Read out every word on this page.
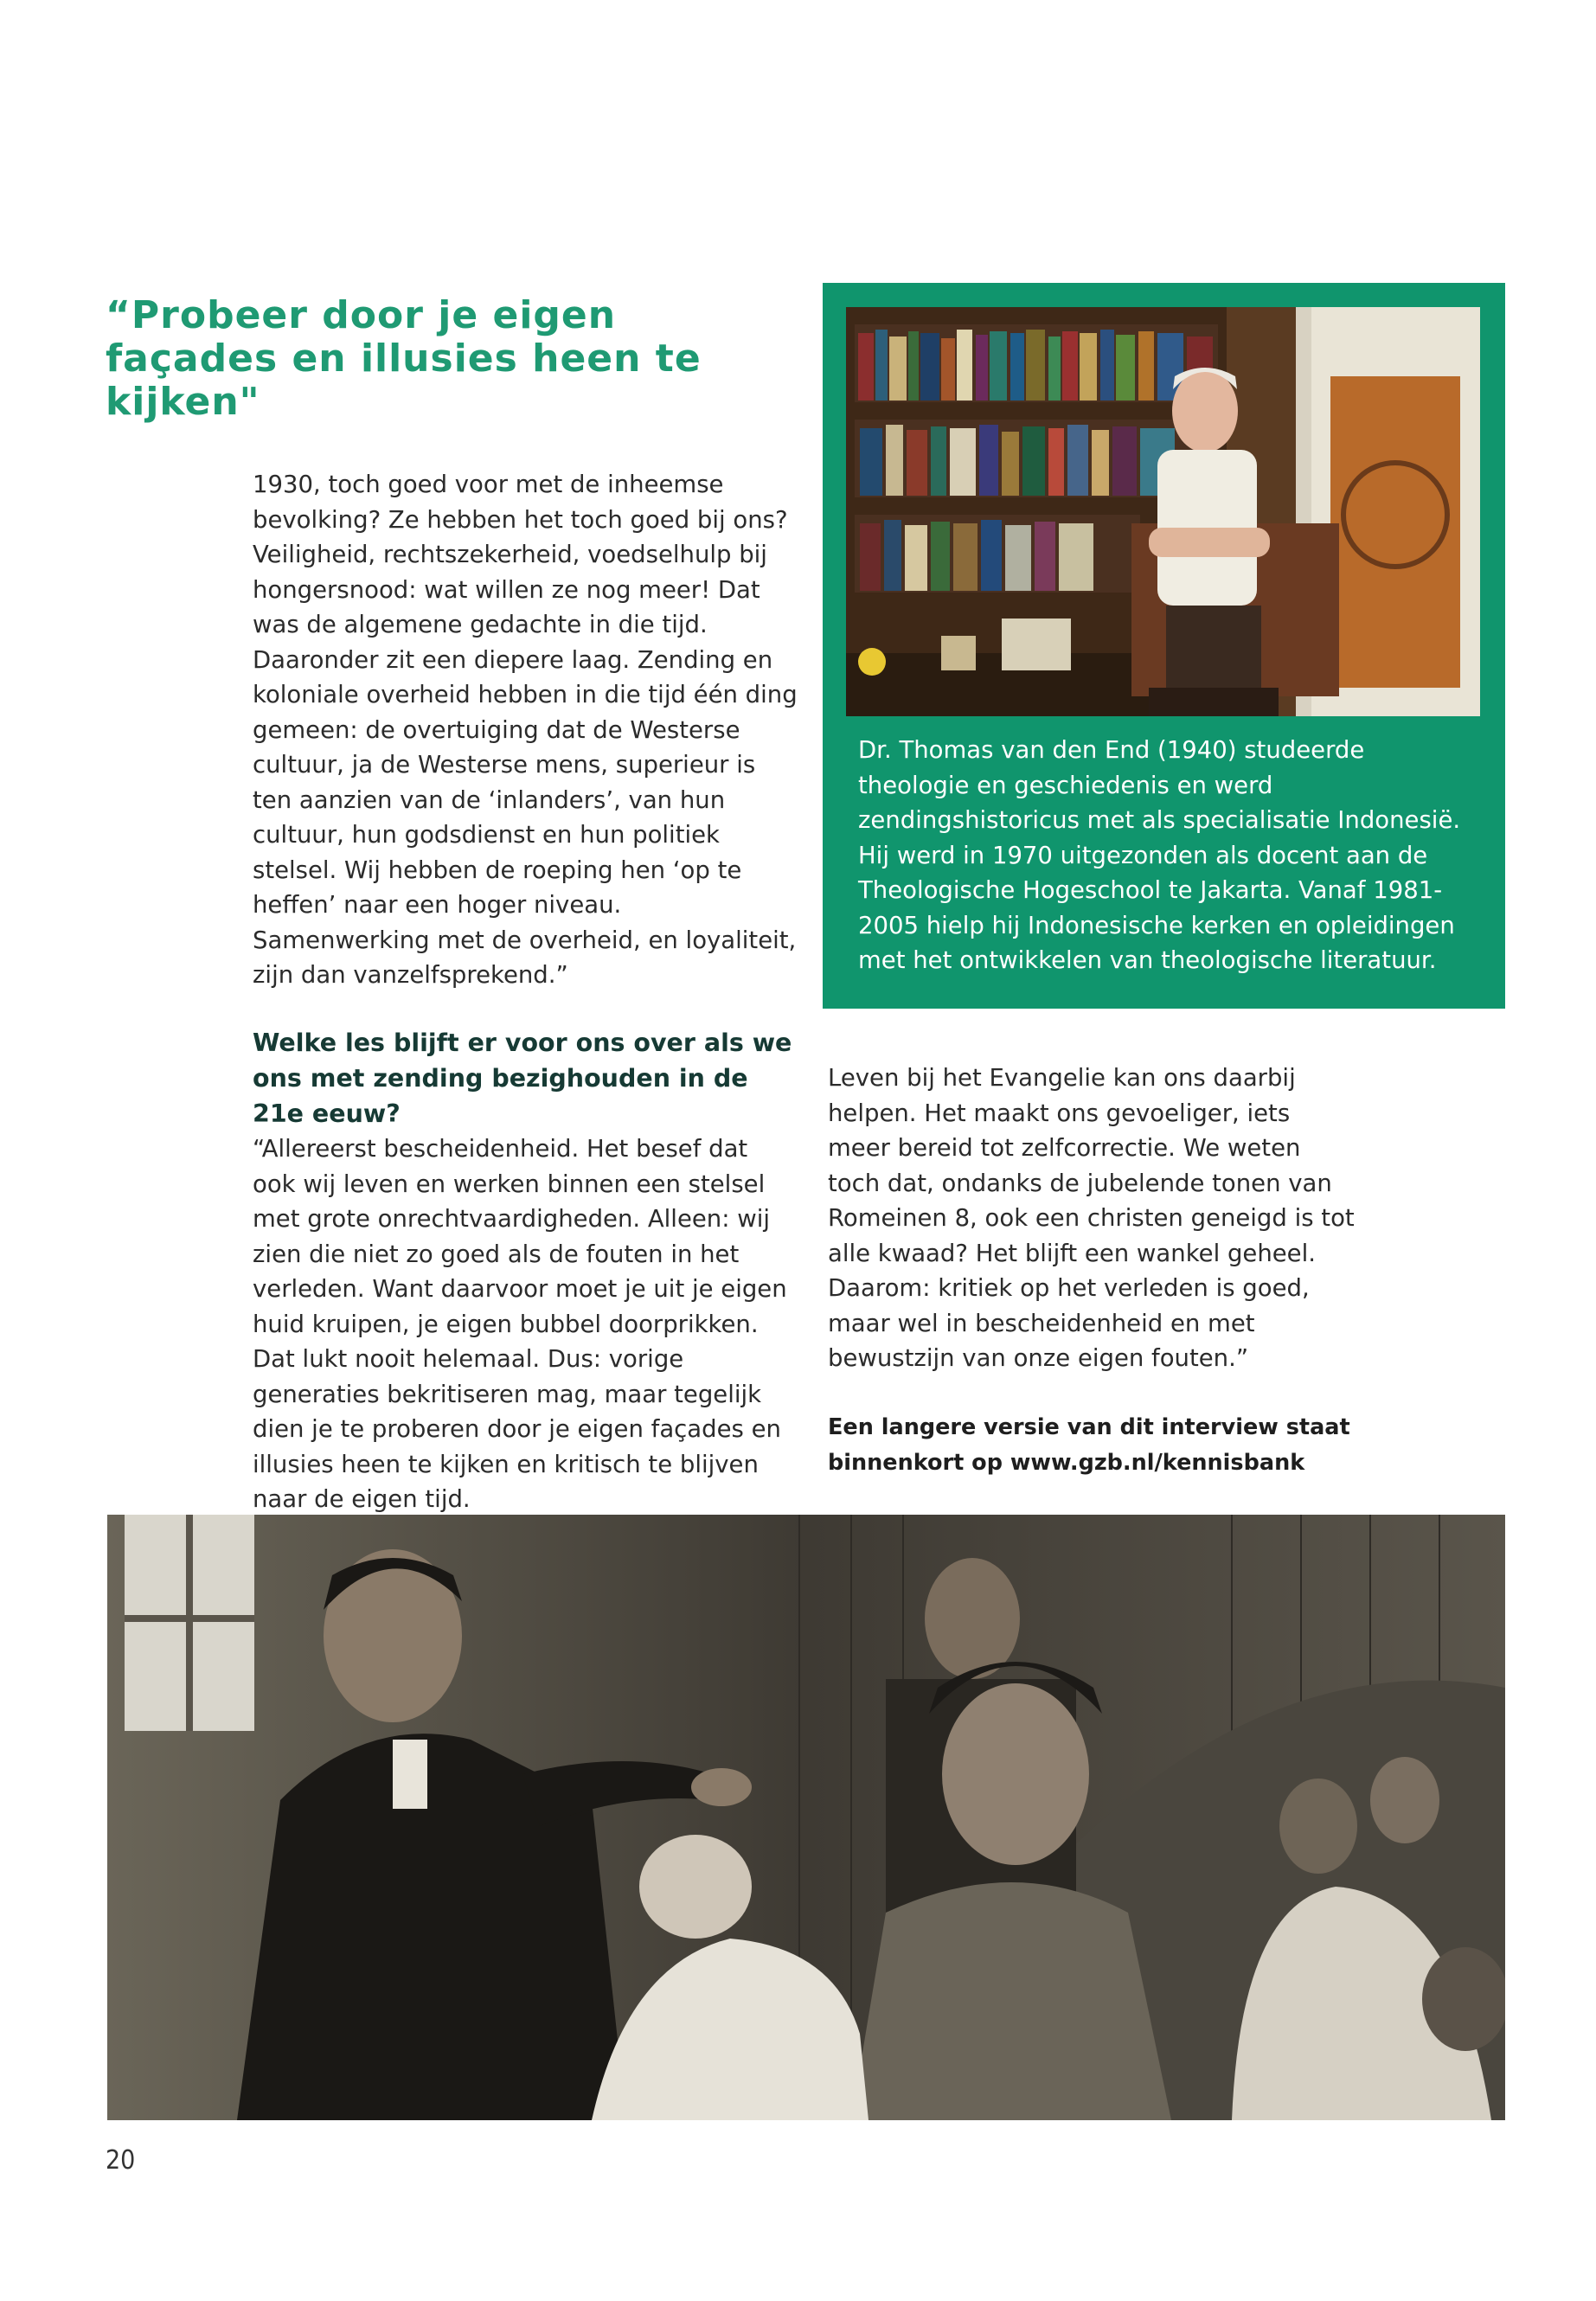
“Probeer door je eigen façades en illusies heen te kijken"

1930, toch goed voor met de inheemse bevolking? Ze hebben het toch goed bij ons? Veiligheid, rechtszekerheid, voedselhulp bij hongersnood: wat willen ze nog meer! Dat was de algemene gedachte in die tijd. Daaronder zit een diepere laag. Zending en koloniale overheid hebben in die tijd één ding gemeen: de overtuiging dat de Westerse cultuur, ja de Westerse mens, superieur is ten aanzien van de ‘inlanders’, van hun cultuur, hun godsdienst en hun politiek stelsel. Wij hebben de roeping hen ‘op te heffen’ naar een hoger niveau. Samenwerking met de overheid, en loyaliteit, zijn dan vanzelfsprekend.”

Welke les blijft er voor ons over als we ons met zending bezighouden in de 21e eeuw?

“Allereerst bescheidenheid. Het besef dat ook wij leven en werken binnen een stelsel met grote onrechtvaardigheden. Alleen: wij zien die niet zo goed als de fouten in het verleden. Want daarvoor moet je uit je eigen huid kruipen, je eigen bubbel doorprikken. Dat lukt nooit helemaal. Dus: vorige generaties bekritiseren mag, maar tegelijk dien je te proberen door je eigen façades en illusies heen te kijken en kritisch te blijven naar de eigen tijd.

Leven bij het Evangelie kan ons daarbij helpen. Het maakt ons gevoeliger, iets meer bereid tot zelfcorrectie. We weten toch dat, ondanks de jubelende tonen van Romeinen 8, ook een christen geneigd is tot alle kwaad? Het blijft een wankel geheel. Daarom: kritiek op het verleden is goed, maar wel in bescheidenheid en met bewustzijn van onze eigen fouten.”

Een langere versie van dit interview staat binnenkort op www.gzb.nl/kennisbank

Dr. Thomas van den End (1940) studeerde theologie en geschiedenis en werd zendingshistoricus met als specialisatie Indonesië. Hij werd in 1970 uitgezonden als docent aan de Theologische Hogeschool te Jakarta. Vanaf 1981-2005 hielp hij Indonesische kerken en opleidingen met het ontwikkelen van theologische literatuur.
20
